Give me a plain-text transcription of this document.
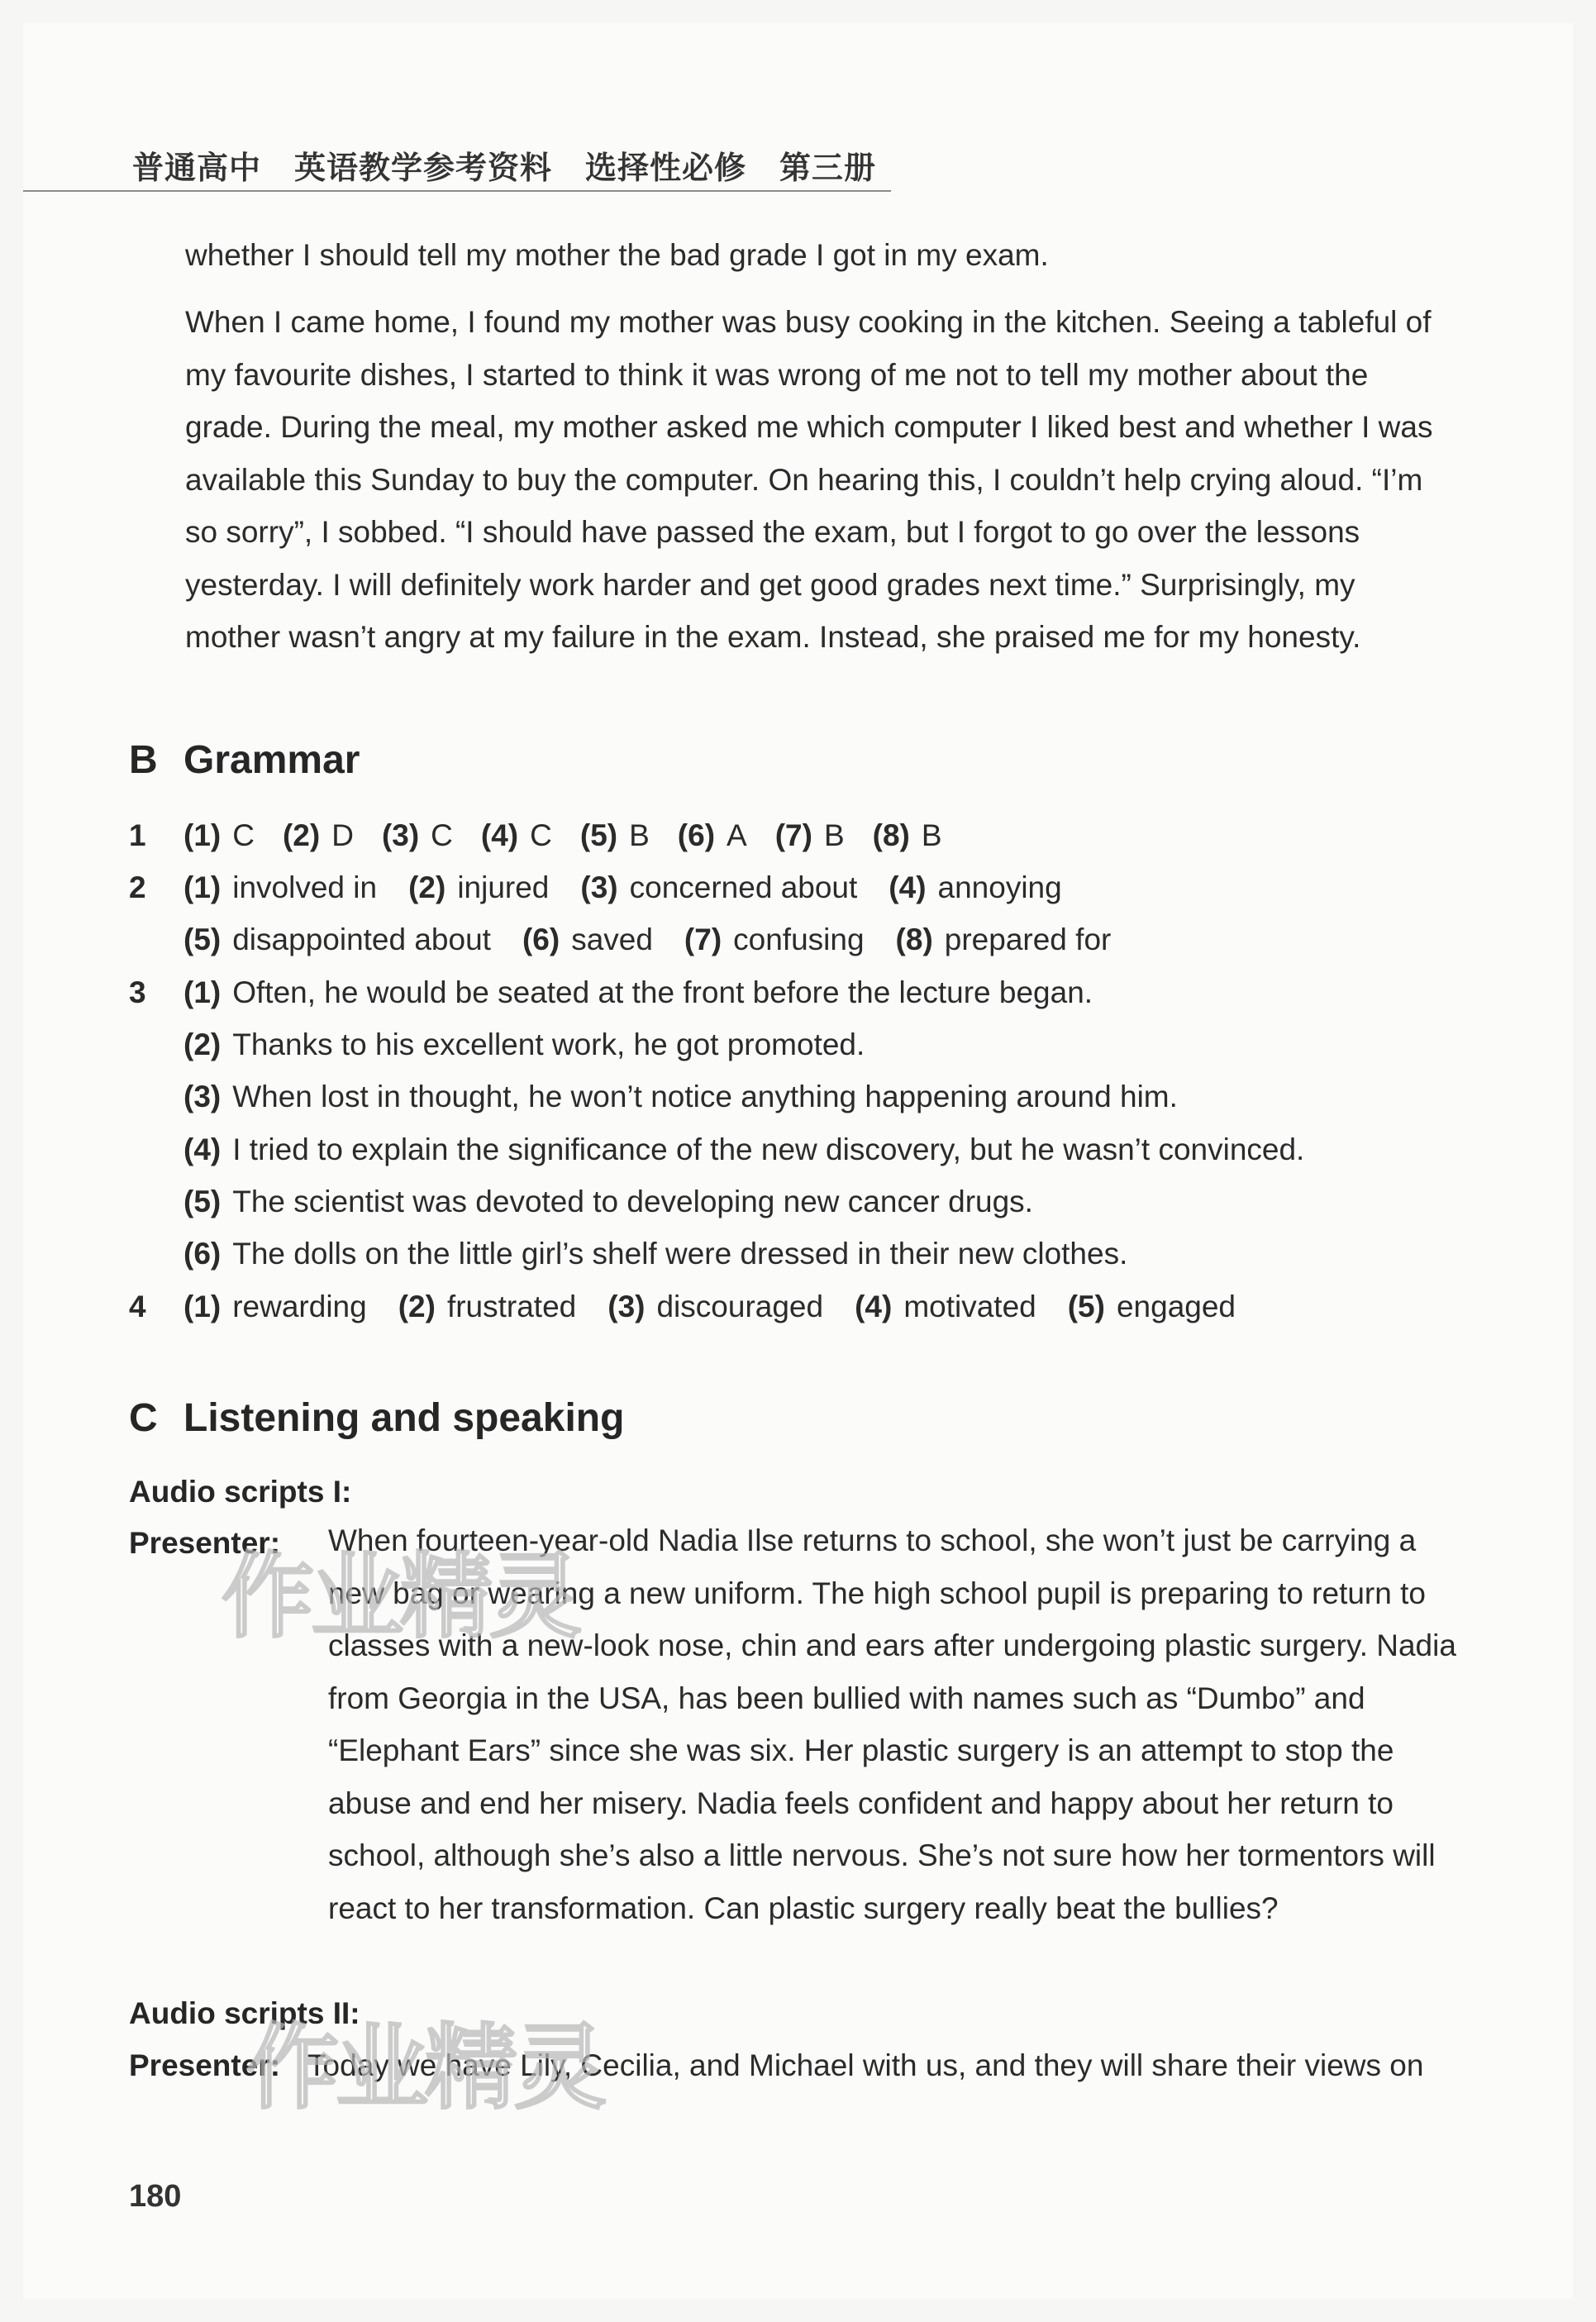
普通高中 英语教学参考资料 选择性必修 第三册
whether I should tell my mother the bad grade I got in my exam.
When I came home, I found my mother was busy cooking in the kitchen. Seeing a tableful of my favourite dishes, I started to think it was wrong of me not to tell my mother about the grade. During the meal, my mother asked me which computer I liked best and whether I was available this Sunday to buy the computer. On hearing this, I couldn’t help crying aloud. “I’m so sorry”, I sobbed. “I should have passed the exam, but I forgot to go over the lessons yesterday. I will definitely work harder and get good grades next time.” Surprisingly, my mother wasn’t angry at my failure in the exam. Instead, she praised me for my honesty.
B Grammar
1 (1) C (2) D (3) C (4) C (5) B (6) A (7) B (8) B
2 (1) involved in (2) injured (3) concerned about (4) annoying
(5) disappointed about (6) saved (7) confusing (8) prepared for
3 (1) Often, he would be seated at the front before the lecture began.
(2) Thanks to his excellent work, he got promoted.
(3) When lost in thought, he won’t notice anything happening around him.
(4) I tried to explain the significance of the new discovery, but he wasn’t convinced.
(5) The scientist was devoted to developing new cancer drugs.
(6) The dolls on the little girl’s shelf were dressed in their new clothes.
4 (1) rewarding (2) frustrated (3) discouraged (4) motivated (5) engaged
C Listening and speaking
Audio scripts I:
Presenter: When fourteen-year-old Nadia Ilse returns to school, she won’t just be carrying a new bag or wearing a new uniform. The high school pupil is preparing to return to classes with a new-look nose, chin and ears after undergoing plastic surgery. Nadia from Georgia in the USA, has been bullied with names such as “Dumbo” and “Elephant Ears” since she was six. Her plastic surgery is an attempt to stop the abuse and end her misery. Nadia feels confident and happy about her return to school, although she’s also a little nervous. She’s not sure how her tormentors will react to her transformation. Can plastic surgery really beat the bullies?
Audio scripts II:
Presenter: Today we have Lily, Cecilia, and Michael with us, and they will share their views on
180
